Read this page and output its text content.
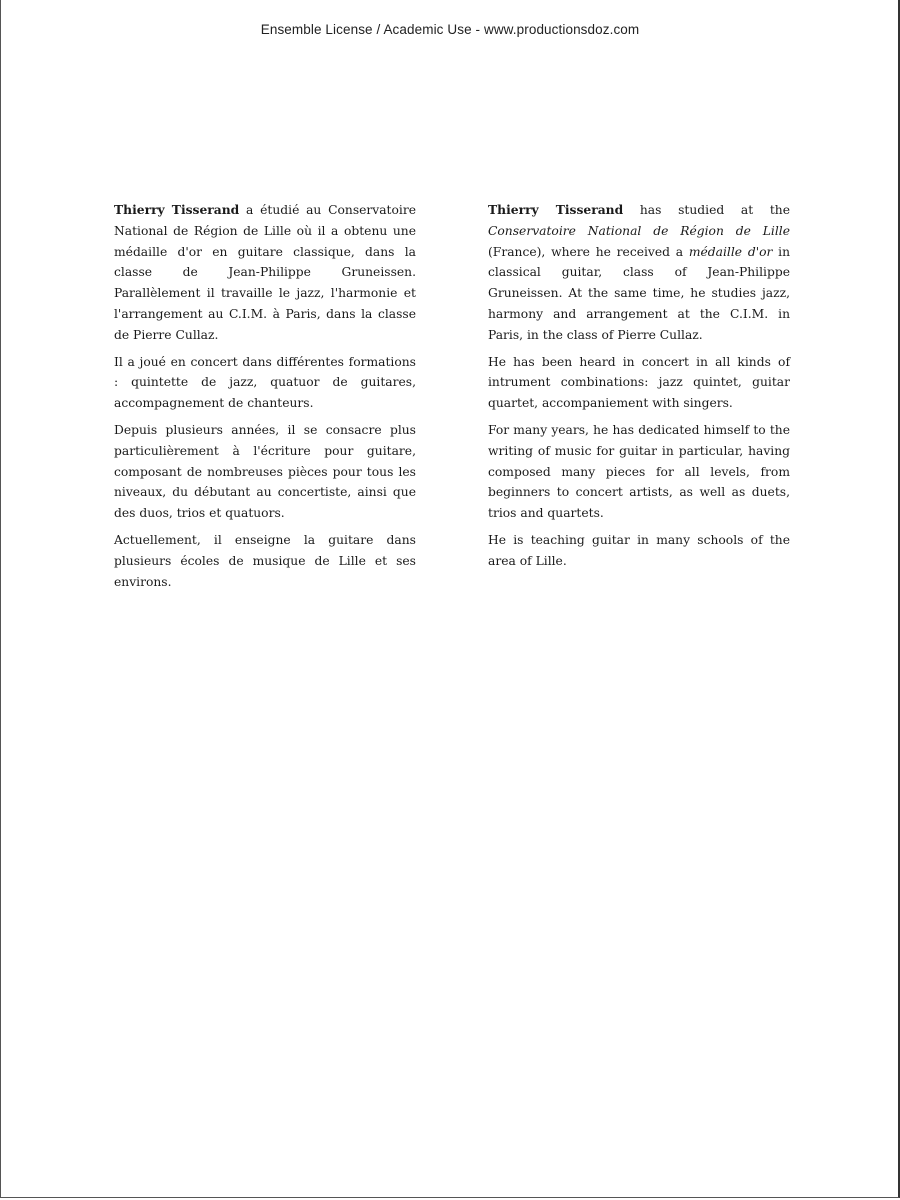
Ensemble License / Academic Use - www.productionsdoz.com

Thierry Tisserand a étudié au Conservatoire National de Région de Lille où il a obtenu une médaille d'or en guitare classique, dans la classe de Jean-Philippe Gruneissen. Parallèlement il travaille le jazz, l'harmonie et l'arrangement au C.I.M. à Paris, dans la classe de Pierre Cullaz.

Il a joué en concert dans différentes formations : quintette de jazz, quatuor de guitares, accompagnement de chanteurs.

Depuis plusieurs années, il se consacre plus particulièrement à l'écriture pour guitare, composant de nombreuses pièces pour tous les niveaux, du débutant au concertiste, ainsi que des duos, trios et quatuors.

Actuellement, il enseigne la guitare dans plusieurs écoles de musique de Lille et ses environs.

Thierry Tisserand has studied at the Conservatoire National de Région de Lille (France), where he received a médaille d'or in classical guitar, class of Jean-Philippe Gruneissen. At the same time, he studies jazz, harmony and arrangement at the C.I.M. in Paris, in the class of Pierre Cullaz.

He has been heard in concert in all kinds of intrument combinations: jazz quintet, guitar quartet, accompaniement with singers.

For many years, he has dedicated himself to the writing of music for guitar in particular, having composed many pieces for all levels, from beginners to concert artists, as well as duets, trios and quartets.

He is teaching guitar in many schools of the area of Lille.
